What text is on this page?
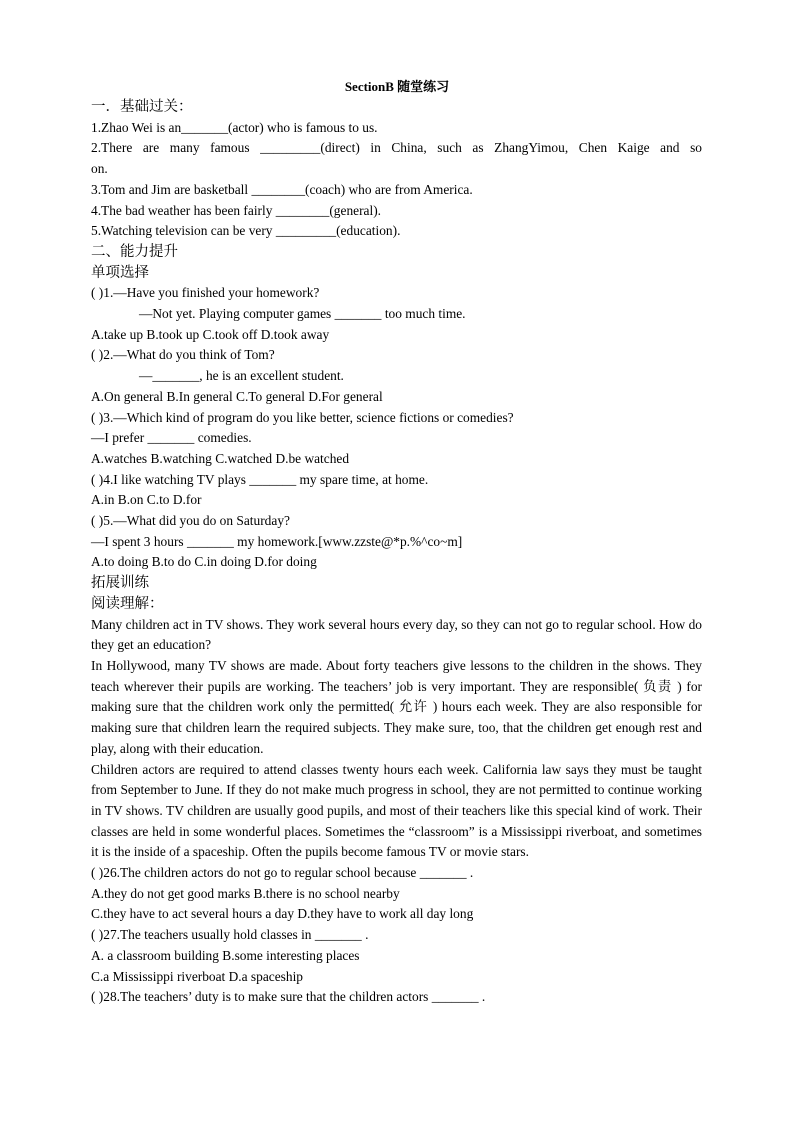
SectionB 随堂练习
一．基础过关：
1.Zhao Wei is an_______(actor) who is famous to us.
2.There are many famous _________(direct) in China, such as ZhangYimou, Chen Kaige and so
on.
3.Tom and Jim are basketball ________(coach) who are from America.
4.The bad weather has been fairly ________(general).
5.Watching television can be very _________(education).
二、能力提升
单项选择
( )1.—Have you finished your homework?
—Not yet. Playing computer games _______ too much time.
A.take up B.took up C.took off D.took away
( )2.—What do you think of Tom?
—_______, he is an excellent student.
A.On general B.In general C.To general D.For general
( )3.—Which kind of program do you like better, science fictions or comedies?
—I prefer _______ comedies.
A.watches B.watching C.watched D.be watched
( )4.I like watching TV plays _______ my spare time, at home.
A.in B.on C.to D.for
( )5.—What did you do on Saturday?
—I spent 3 hours _______ my homework.[www.zzste@*p.%^co~m]
A.to doing B.to do C.in doing D.for doing
拓展训练
阅读理解：
Many children act in TV shows. They work several hours every day, so they can not go to regular school. How do they get an education?
In Hollywood, many TV shows are made. About forty teachers give lessons to the children in the shows. They teach wherever their pupils are working. The teachers’ job is very important. They are responsible( 负责 ) for making sure that the children work only the permitted( 允许 ) hours each week. They are also responsible for making sure that children learn the required subjects. They make sure, too, that the children get enough rest and play, along with their education.
Children actors are required to attend classes twenty hours each week. California law says they must be taught from September to June. If they do not make much progress in school, they are not permitted to continue working in TV shows. TV children are usually good pupils, and most of their teachers like this special kind of work. Their classes are held in some wonderful places. Sometimes the “classroom” is a Mississippi riverboat, and sometimes it is the inside of a spaceship. Often the pupils become famous TV or movie stars.
( )26.The children actors do not go to regular school because _______ .
A.they do not get good marks B.there is no school nearby
C.they have to act several hours a day D.they have to work all day long
( )27.The teachers usually hold classes in _______ .
A. a classroom building B.some interesting places
C.a Mississippi riverboat D.a spaceship
( )28.The teachers’ duty is to make sure that the children actors _______ .
